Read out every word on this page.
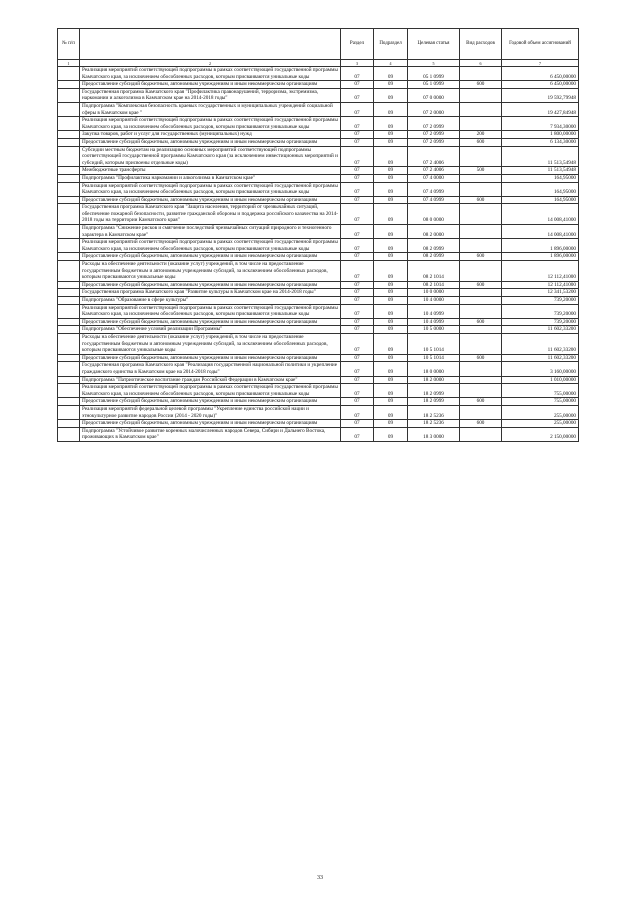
№ п/п		Раздел	Подраздел	Целевая статья	Вид расходов	Годовой объем ассигнований
1	2	3	4	5	6	7
	Реализация мероприятий соответствующей подпрограммы в рамках соответствующей государственной программы Камчатского края, за исключением обособленных расходов, которым присваиваются уникальные коды	07	09	05 1 0999		6 450,00000
	Предоставление субсидий бюджетным, автономным учреждениям и иным некоммерческим организациям	07	09	05 1 0999	600	6 450,00000
	Государственная программа Камчатского края "Профилактика правонарушений, терроризма, экстремизма, наркомании и алкоголизма в Камчатском крае на 2014-2018 годы"	07	09	07 0 0000		19 592,79948
	Подпрограмма "Комплексная безопасность краевых государственных и муниципальных учреждений социальной сферы в Камчатском крае "	07	09	07 2 0000		19 427,84948
	Реализация мероприятий соответствующей подпрограммы в рамках соответствующей государственной программы Камчатского края, за исключением обособленных расходов, которым присваиваются уникальные коды	07	09	07 2 0999		7 934,30000
	Закупка товаров, работ и услуг для государственных (муниципальных) нужд	07	09	07 2 0999	200	1 800,00000
	Предоставление субсидий бюджетным, автономным учреждениям и иным некоммерческим организациям	07	09	07 2 0999	600	6 134,30000
	Субсидии местным бюджетам на реализацию основных мероприятий соответствующей подпрограммы соответствующей государственной программы Камчатского края (за исключением инвестиционных мероприятий и субсидий, которым присвоены отдельные коды)	07	09	07 2 4006		11 513,54948
	Межбюджетные трансферты	07	09	07 2 4006	500	11 513,54948
	Подпрограмма "Профилактика наркомании и алкоголизма в Камчатском крае"	07	09	07 4 0000		164,95000
	Реализация мероприятий соответствующей подпрограммы в рамках соответствующей государственной программы Камчатского края, за исключением обособленных расходов, которым присваиваются уникальные коды	07	09	07 4 0999		164,95000
	Предоставление субсидий бюджетным, автономным учреждениям и иным некоммерческим организациям	07	09	07 4 0999	600	164,95000
	Государственная программа Камчатского края "Защита населения, территорий от чрезвычайных ситуаций, обеспечение пожарной безопасности, развитие гражданской обороны и поддержка российского казачества на 2014-2018 годы на территории Камчатского края"	07	09	08 0 0000		14 008,41000
	Подпрограмма "Снижение рисков и смягчение последствий чрезвычайных ситуаций природного и техногенного характера в Камчатском крае"	07	09	08 2 0000		14 008,41000
	Реализация мероприятий соответствующей подпрограммы в рамках соответствующей государственной программы Камчатского края, за исключением обособленных расходов, которым присваиваются уникальные коды	07	09	08 2 0999		1 896,00000
	Предоставление субсидий бюджетным, автономным учреждениям и иным некоммерческим организациям	07	09	08 2 0999	600	1 896,00000
	Расходы на обеспечение деятельности (оказание услуг) учреждений, в том числе на предоставление государственным бюджетным и автономным учреждениям субсидий, за исключением обособленных расходов, которым присваиваются уникальные коды	07	09	08 2 1014		12 112,41000
	Предоставление субсидий бюджетным, автономным учреждениям и иным некоммерческим организациям	07	09	08 2 1014	600	12 112,41000
	Государственная программа Камчатского края "Развитие культуры в Камчатском крае на 2014-2018 годы"	07	09	10 0 0000		12 341,53200
	Подпрограмма "Образование в сфере культуры"	07	09	10 4 0000		739,20000
	Реализация мероприятий соответствующей подпрограммы в рамках соответствующей государственной программы Камчатского края, за исключением обособленных расходов, которым присваиваются уникальные коды	07	09	10 4 0999		739,20000
	Предоставление субсидий бюджетным, автономным учреждениям и иным некоммерческим организациям	07	09	10 4 0999	600	739,20000
	Подпрограмма "Обеспечение условий реализации Программы"	07	09	10 5 0000		11 602,33200
	Расходы на обеспечение деятельности (оказание услуг) учреждений, в том числе на предоставление государственным бюджетным и автономным учреждениям субсидий, за исключением обособленных расходов, которым присваиваются уникальные коды	07	09	10 5 1014		11 602,33200
	Предоставление субсидий бюджетным, автономным учреждениям и иным некоммерческим организациям	07	09	10 5 1014	600	11 602,33200
	Государственная программа Камчатского края "Реализация государственной национальной политики и укрепление гражданского единства в Камчатском крае на 2014-2018 годы"	07	09	18 0 0000		3 160,00000
	Подпрограмма "Патриотическое воспитание граждан Российской Федерации в Камчатском крае"	07	09	18 2 0000		1 010,00000
	Реализация мероприятий соответствующей подпрограммы в рамках соответствующей государственной программы Камчатского края, за исключением обособленных расходов, которым присваиваются уникальные коды	07	09	18 2 0999		755,00000
	Предоставление субсидий бюджетным, автономным учреждениям и иным некоммерческим организациям	07	09	18 2 0999	600	755,00000
	Реализация мероприятий федеральной целевой программы "Укрепление единства российской нации и этнокультурное развитие народов России (2014 - 2020 годы)"	07	09	18 2 5236		255,00000
	Предоставление субсидий бюджетным, автономным учреждениям и иным некоммерческим организациям	07	09	18 2 5236	600	255,00000
	Подпрограмма "Устойчивое развитие коренных малочисленных народов Севера, Сибири и Дальнего Востока, проживающих в Камчатском крае"	07	09	18 3 0000		2 150,00000
33
